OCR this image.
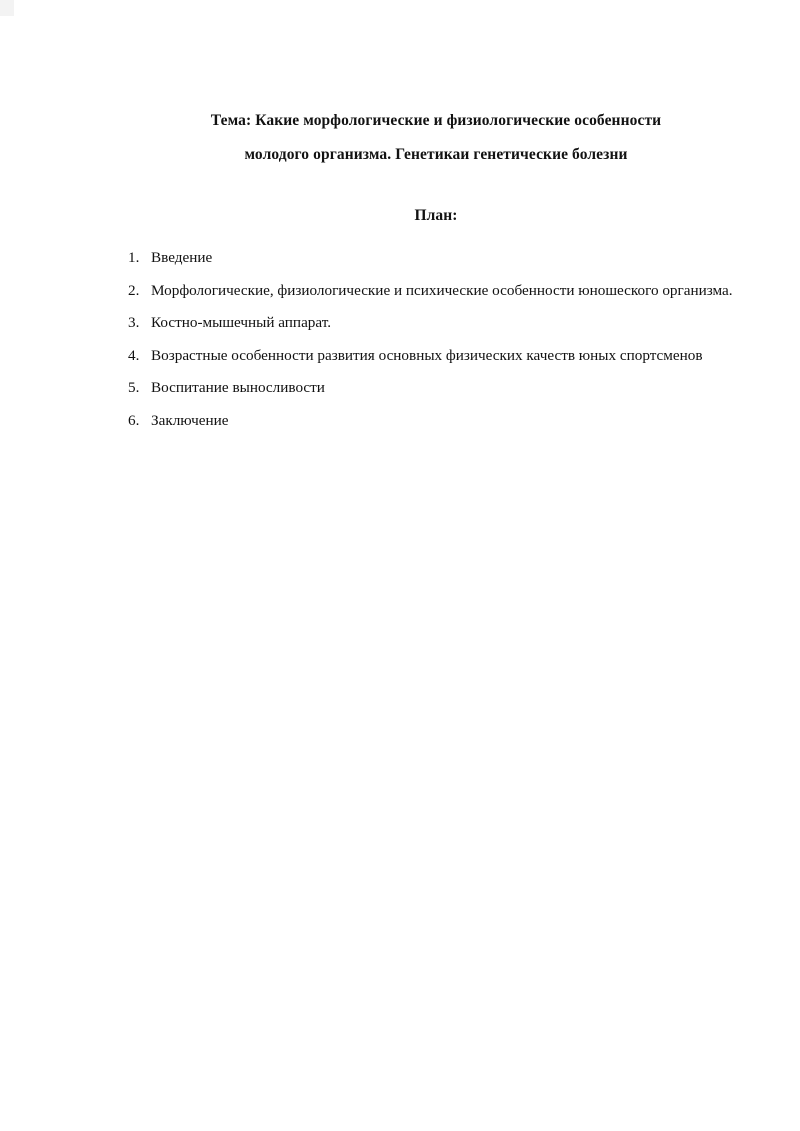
Тема: Какие морфологические и физиологические особенности
молодого организма. Генетикаи генетические болезни
План:
1. Введение
2. Морфологические, физиологические и психические особенности юношеского организма.
3. Костно-мышечный аппарат.
4. Возрастные особенности развития основных физических качеств юных спортсменов
5. Воспитание выносливости
6. Заключение
